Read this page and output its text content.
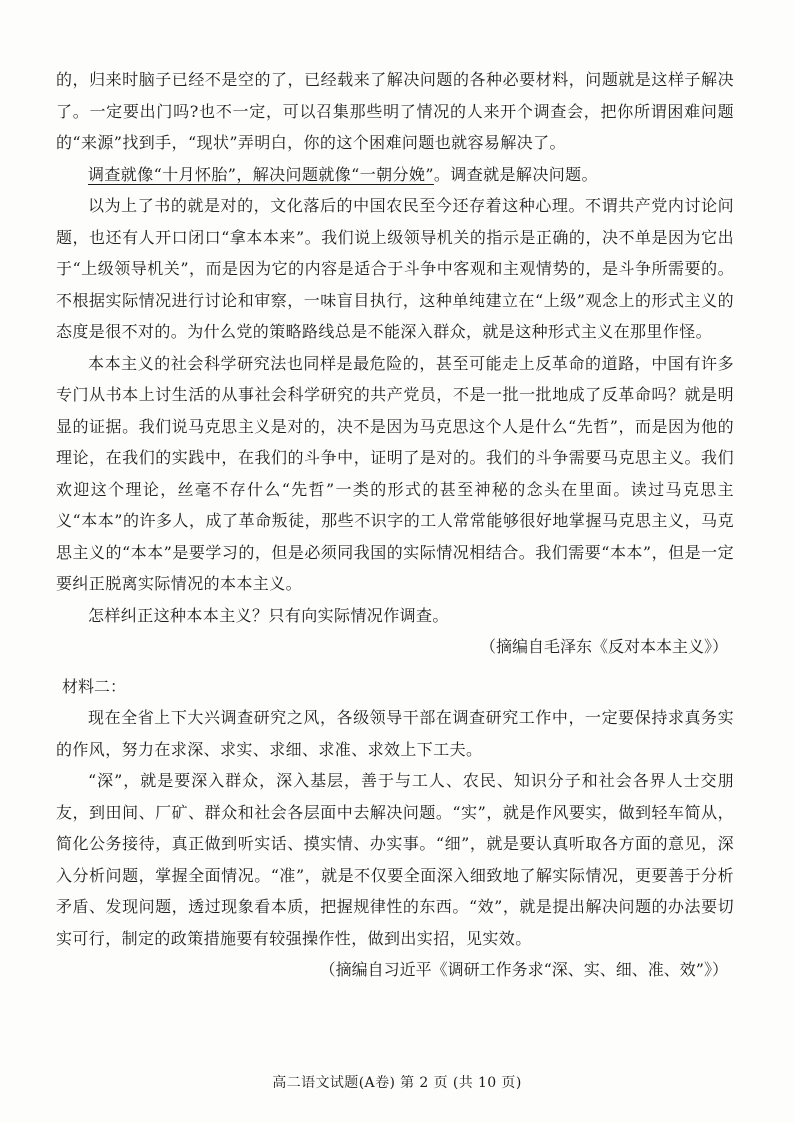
的，归来时脑子已经不是空的了，已经载来了解决问题的各种必要材料，问题就是这样子解决了。一定要出门吗?也不一定，可以召集那些明了情况的人来开个调查会，把你所谓困难问题的“来源”找到手，“现状”弄明白，你的这个困难问题也就容易解决了。

调查就像“十月怀胎”，解决问题就像“一朝分娩”。调查就是解决问题。

以为上了书的就是对的，文化落后的中国农民至今还存着这种心理。不谓共产党内讨论问题，也还有人开口闭口“拿本本来”。我们说上级领导机关的指示是正确的，决不单是因为它出于“上级领导机关”，而是因为它的内容是适合于斗争中客观和主观情势的，是斗争所需要的。不根据实际情况进行讨论和审察，一味盲目执行，这种单纯建立在“上级”观念上的形式主义的态度是很不对的。为什么党的策略路线总是不能深入群众，就是这种形式主义在那里作怪。

本本主义的社会科学研究法也同样是最危险的，甚至可能走上反革命的道路，中国有许多专门从书本上讨生活的从事社会科学研究的共产党员，不是一批一批地成了反革命吗？就是明显的证据。我们说马克思主义是对的，决不是因为马克思这个人是什么“先哲”，而是因为他的理论，在我们的实践中，在我们的斗争中，证明了是对的。我们的斗争需要马克思主义。我们欢迎这个理论，丝毫不存什么“先哲”一类的形式的甚至神秘的念头在里面。读过马克思主义“本本”的许多人，成了革命叛徒，那些不识字的工人常常能够很好地掌握马克思主义，马克思主义的“本本”是要学习的，但是必须同我国的实际情况相结合。我们需要“本本”，但是一定要纠正脱离实际情况的本本主义。

怎样纠正这种本本主义？只有向实际情况作调查。

（摘编自毛泽东《反对本本主义》）

材料二：

现在全省上下大兴调查研究之风，各级领导干部在调查研究工作中，一定要保持求真务实的作风，努力在求深、求实、求细、求准、求效上下工夫。

“深”，就是要深入群众，深入基层，善于与工人、农民、知识分子和社会各界人士交朋友，到田间、厂矿、群众和社会各层面中去解决问题。“实”，就是作风要实，做到轻车简从，简化公务接待，真正做到听实话、摸实情、办实事。“细”，就是要认真听取各方面的意见，深入分析问题，掌握全面情况。“准”，就是不仅要全面深入细致地了解实际情况，更要善于分析矛盾、发现问题，透过现象看本质，把握规律性的东西。“效”，就是提出解决问题的办法要切实可行，制定的政策措施要有较强操作性，做到出实招，见实效。

（摘编自习近平《调研工作务求“深、实、细、准、效”》）

高二语文试题(A卷) 第 2 页 (共 10 页)
